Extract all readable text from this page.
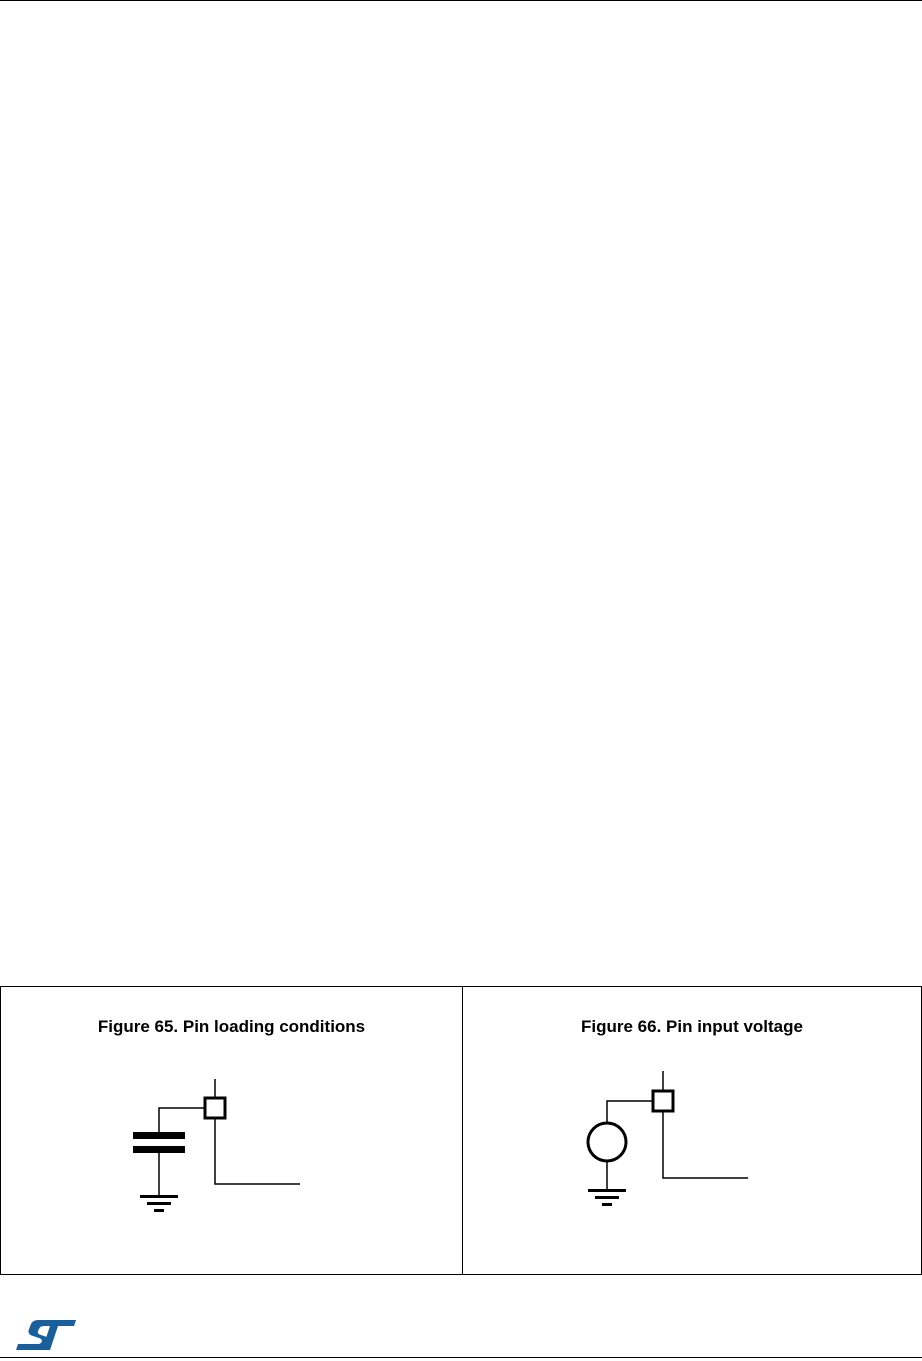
Figure 65. Pin loading conditions	Figure 66. Pin input voltage
